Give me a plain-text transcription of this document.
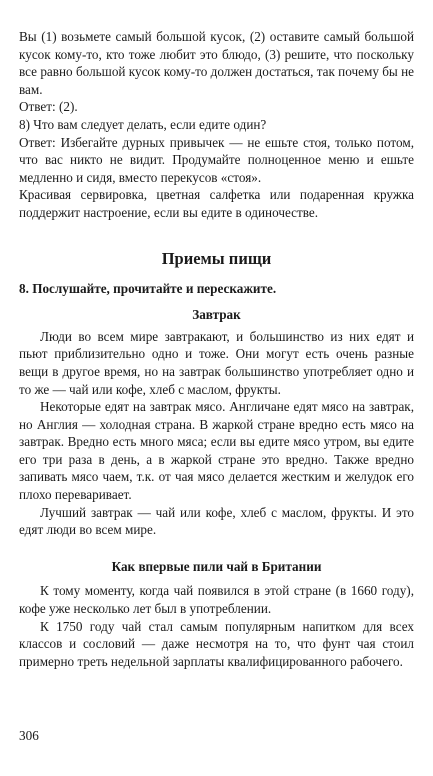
Вы (1) возьмете самый большой кусок, (2) оставите самый большой кусок кому-то, кто тоже любит это блюдо, (3) решите, что поскольку все равно большой кусок кому-то должен достаться, так почему бы не вам.

Ответ: (2).

8) Что вам следует делать, если едите один?

Ответ: Избегайте дурных привычек — не ешьте стоя, только потом, что вас никто не видит. Продумайте полноценное меню и ешьте медленно и сидя, вместо перекусов «стоя».

Красивая сервировка, цветная салфетка или подаренная кружка поддержит настроение, если вы едите в одиночестве.

Приемы пищи

8. Послушайте, прочитайте и перескажите.

Завтрак

Люди во всем мире завтракают, и большинство из них едят и пьют приблизительно одно и тоже. Они могут есть очень разные вещи в другое время, но на завтрак большинство употребляет одно и то же — чай или кофе, хлеб с маслом, фрукты.

Некоторые едят на завтрак мясо. Англичане едят мясо на завтрак, но Англия — холодная страна. В жаркой стране вредно есть мясо на завтрак. Вредно есть много мяса; если вы едите мясо утром, вы едите его три раза в день, а в жаркой стране это вредно. Также вредно запивать мясо чаем, т.к. от чая мясо делается жестким и желудок его плохо переваривает.

Лучший завтрак — чай или кофе, хлеб с маслом, фрукты. И это едят люди во всем мире.

Как впервые пили чай в Британии

К тому моменту, когда чай появился в этой стране (в 1660 году), кофе уже несколько лет был в употреблении.

К 1750 году чай стал самым популярным напитком для всех классов и сословий — даже несмотря на то, что фунт чая стоил примерно треть недельной зарплаты квалифицированного рабочего.

306
